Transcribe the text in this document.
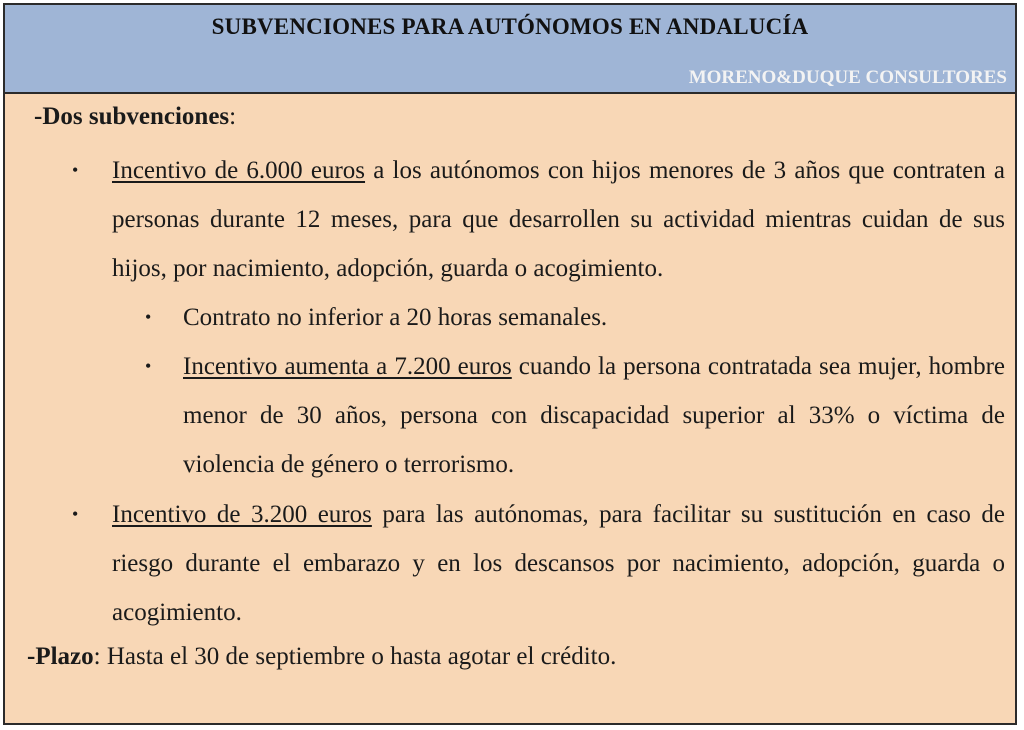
SUBVENCIONES PARA AUTÓNOMOS EN ANDALUCÍA
MORENO&DUQUE CONSULTORES
-Dos subvenciones:
• Incentivo de 6.000 euros a los autónomos con hijos menores de 3 años que contraten a personas durante 12 meses, para que desarrollen su actividad mientras cuidan de sus hijos, por nacimiento, adopción, guarda o acogimiento.
• Contrato no inferior a 20 horas semanales.
• Incentivo aumenta a 7.200 euros cuando la persona contratada sea mujer, hombre menor de 30 años, persona con discapacidad superior al 33% o víctima de violencia de género o terrorismo.
• Incentivo de 3.200 euros para las autónomas, para facilitar su sustitución en caso de riesgo durante el embarazo y en los descansos por nacimiento, adopción, guarda o acogimiento.
-Plazo: Hasta el 30 de septiembre o hasta agotar el crédito.
